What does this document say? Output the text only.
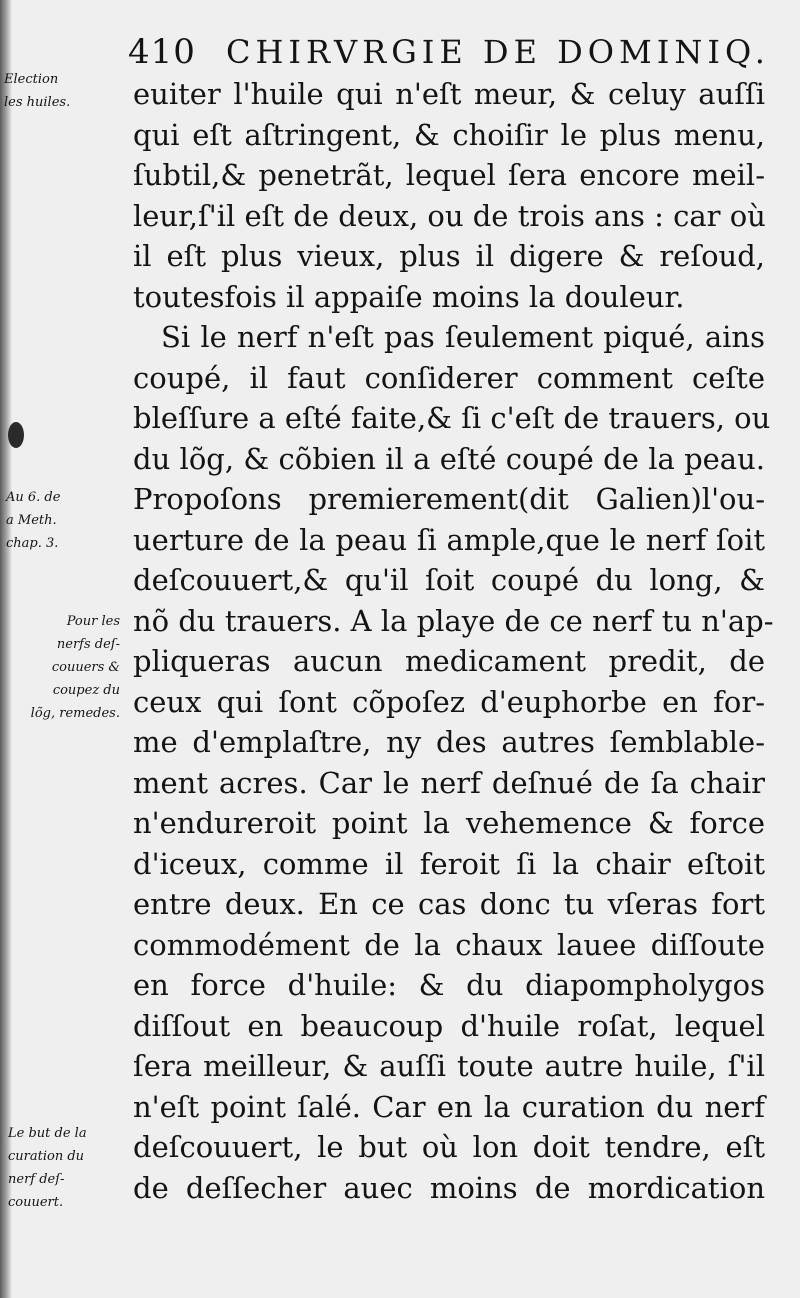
410 CHIRVRGIE DE DOMINIQ.
euiter l'huile qui n'eſt meur, & celuy auſſi
qui eſt aſtringent, & choiſir le plus menu,
ſubtil,& penetrãt, lequel ſera encore meil-
leur,ſ'il eſt de deux, ou de trois ans : car où
il eſt plus vieux, plus il digere & reſoud,
toutesfois il appaiſe moins la douleur.
Si le nerf n'eſt pas ſeulement piqué, ains
coupé, il faut conſiderer comment ceſte
bleſſure a eſté faite,& ſi c'eſt de trauers, ou
du lõg, & cõbien il a eſté coupé de la peau.
Propoſons premierement(dit Galien)l'ou-
uerture de la peau ſi ample,que le nerf ſoit
deſcouuert,& qu'il ſoit coupé du long, &
nõ du trauers. A la playe de ce nerf tu n'ap-
pliqueras aucun medicament predit, de
ceux qui ſont cõpoſez d'euphorbe en for-
me d'emplaſtre, ny des autres ſemblable-
ment acres. Car le nerf deſnué de ſa chair
n'endureroit point la vehemence & force
d'iceux, comme il feroit ſi la chair eſtoit
entre deux. En ce cas donc tu vſeras fort
commodément de la chaux lauee diſſoute
en force d'huile: & du diapompholygos
diſſout en beaucoup d'huile roſat, lequel
ſera meilleur, & auſſi toute autre huile, ſ'il
n'eſt point ſalé. Car en la curation du nerf
deſcouuert, le but où lon doit tendre, eſt
de deſſecher auec moins de mordication
Election
les huiles.
Au 6. de
a Meth.
chap. 3.
Pour les
nerfs deſ-
couuers &
coupez du
lõg, remedes.
Le but de la
curation du
nerf deſ-
couuert.
